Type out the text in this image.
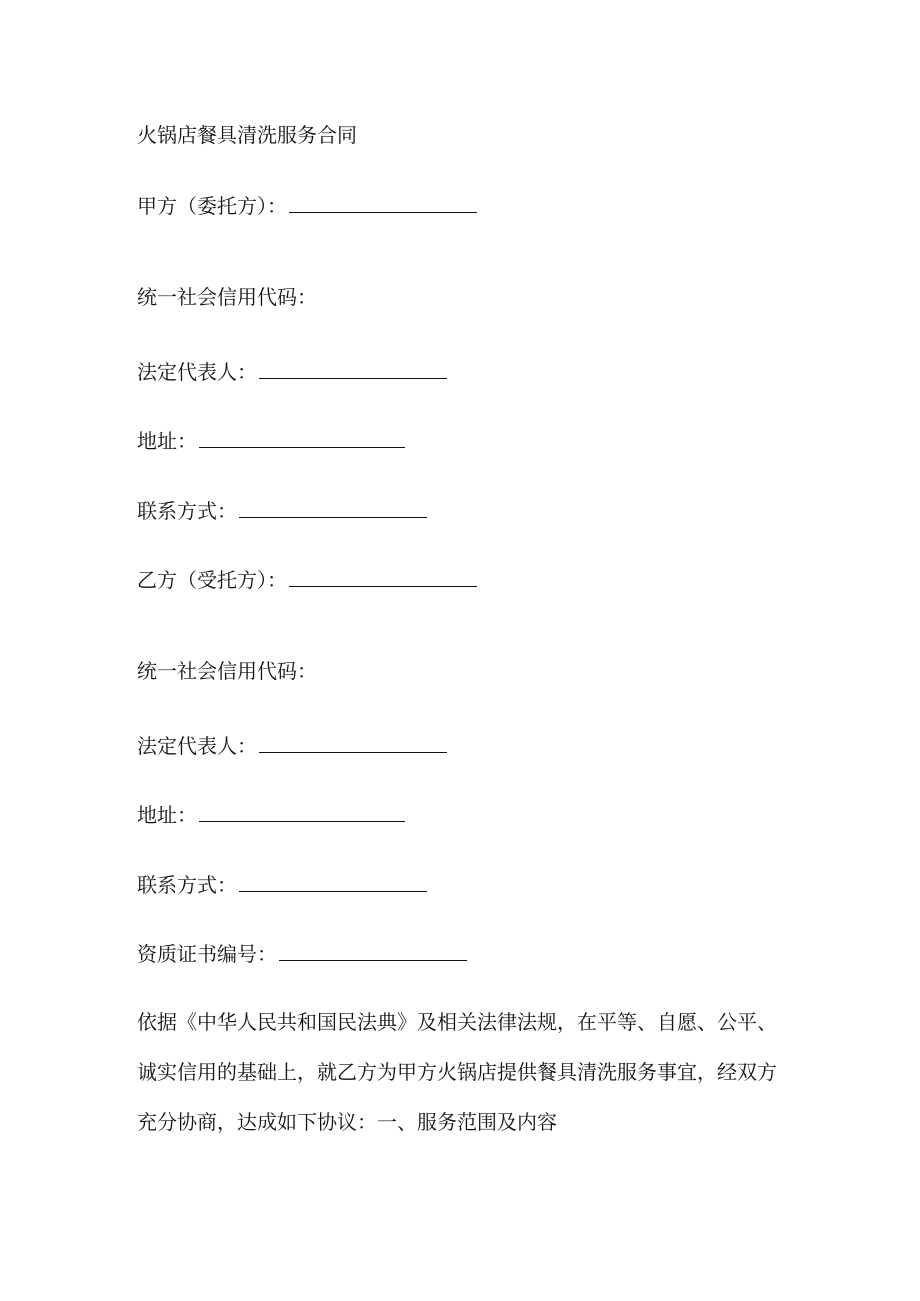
火锅店餐具清洗服务合同

甲方（委托方）：

统一社会信用代码：

法定代表人：

地址：

联系方式：

乙方（受托方）：

统一社会信用代码：

法定代表人：

地址：

联系方式：

资质证书编号：

依据《中华人民共和国民法典》及相关法律法规，在平等、自愿、公平、
诚实信用的基础上，就乙方为甲方火锅店提供餐具清洗服务事宜，经双方
充分协商，达成如下协议：一、服务范围及内容
